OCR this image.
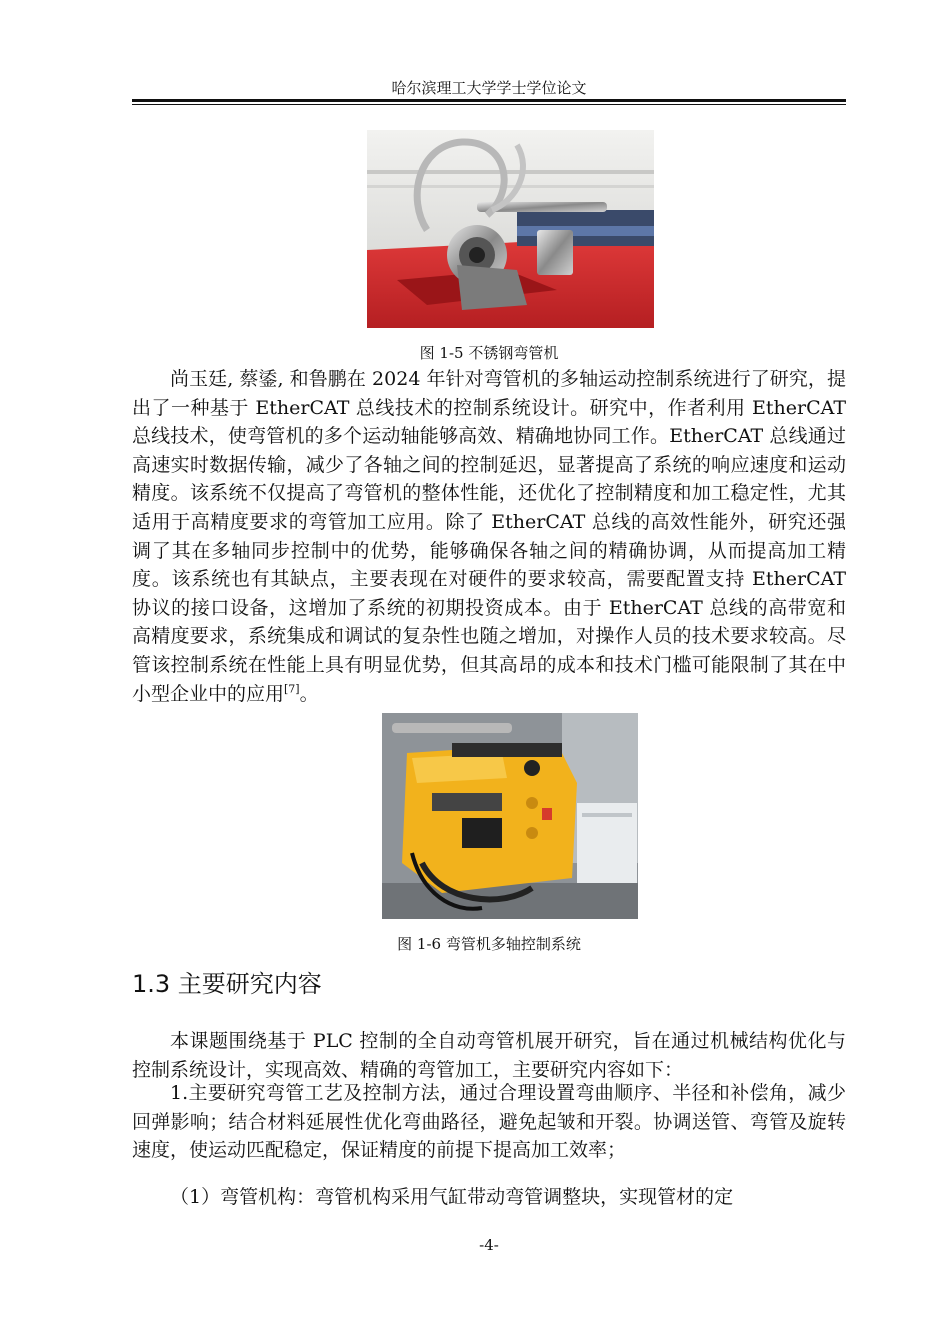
哈尔滨理工大学学士学位论文
图 1-5 不锈钢弯管机

尚玉廷, 蔡鋈, 和鲁鹏在 2024 年针对弯管机的多轴运动控制系统进行了研究，提出了一种基于 EtherCAT 总线技术的控制系统设计。研究中，作者利用 EtherCAT 总线技术，使弯管机的多个运动轴能够高效、精确地协同工作。EtherCAT 总线通过高速实时数据传输，减少了各轴之间的控制延迟，显著提高了系统的响应速度和运动精度。该系统不仅提高了弯管机的整体性能，还优化了控制精度和加工稳定性，尤其适用于高精度要求的弯管加工应用。除了 EtherCAT 总线的高效性能外，研究还强调了其在多轴同步控制中的优势，能够确保各轴之间的精确协调，从而提高加工精度。该系统也有其缺点，主要表现在对硬件的要求较高，需要配置支持 EtherCAT 协议的接口设备，这增加了系统的初期投资成本。由于 EtherCAT 总线的高带宽和高精度要求，系统集成和调试的复杂性也随之增加，对操作人员的技术要求较高。尽管该控制系统在性能上具有明显优势，但其高昂的成本和技术门槛可能限制了其在中小型企业中的应用[7]。

图 1-6 弯管机多轴控制系统
1.3 主要研究内容

本课题围绕基于 PLC 控制的全自动弯管机展开研究，旨在通过机械结构优化与控制系统设计，实现高效、精确的弯管加工，主要研究内容如下：

1.主要研究弯管工艺及控制方法，通过合理设置弯曲顺序、半径和补偿角，减少回弹影响；结合材料延展性优化弯曲路径，避免起皱和开裂。协调送管、弯管及旋转速度，使运动匹配稳定，保证精度的前提下提高加工效率；

（1）弯管机构：弯管机构采用气缸带动弯管调整块，实现管材的定

-4-
